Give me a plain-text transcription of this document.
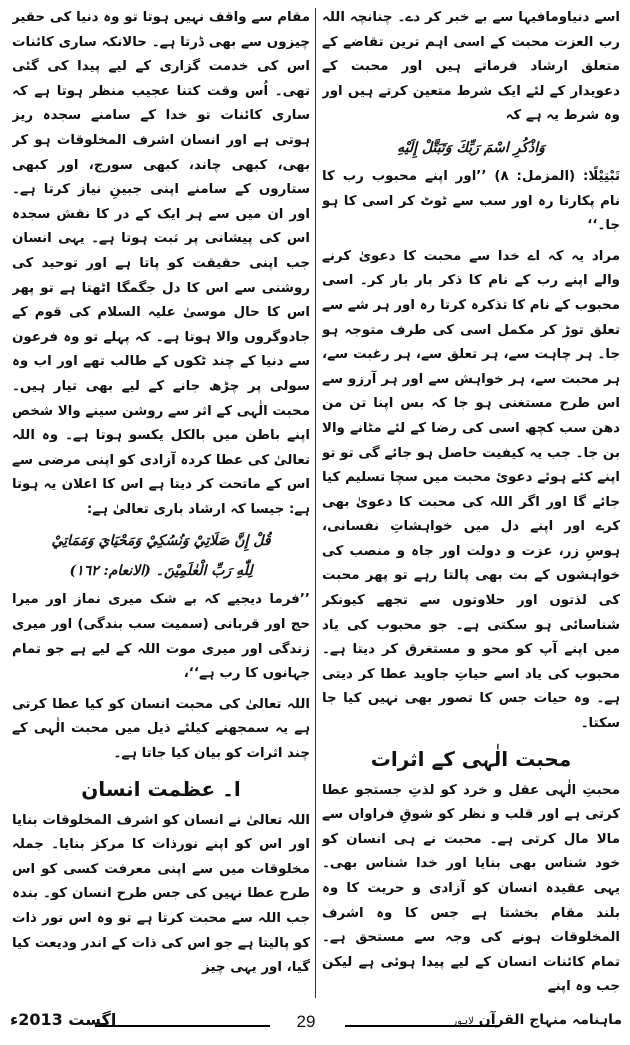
اسے دنیاومافیہا سے بے خبر کر دے۔ چنانچہ اللہ رب العزت محبت کے اسی اہم ترین تقاضے کے متعلق ارشاد فرماتے ہیں اور محبت کے دعویدار کے لئے ایک شرط متعین کرتے ہیں اور وہ شرط یہ ہے کہ

وَاذْكُرِ اسْمَ رَبِّكَ وَتَبَتَّلْ إِلَيْهِ

تَبْتِيْلًا: (المزمل: ۸) ’’اور اپنے محبوب رب کا نام پکارتا رہ اور سب سے ٹوٹ کر اسی کا ہو جا۔‘‘

مراد یہ کہ اے خدا سے محبت کا دعویٰ کرنے والے اپنے رب کے نام کا ذکر بار بار کر۔ اسی محبوب کے نام کا تذکرہ کرتا رہ اور ہر شے سے تعلق توڑ کر مکمل اسی کی طرف متوجہ ہو جا۔ ہر چاہت سے، ہر تعلق سے، ہر رغبت سے، ہر محبت سے، ہر خواہش سے اور ہر آرزو سے اس طرح مستغنی ہو جا کہ بس اپنا تن من دھن سب کچھ اسی کی رضا کے لئے مٹانے والا بن جا۔ جب یہ کیفیت حاصل ہو جائے گی تو تو اپنے کئے ہوئے دعوئ محبت میں سچا تسلیم کیا جائے گا اور اگر اللہ کی محبت کا دعویٰ بھی کرے اور اپنے دل میں خواہشاتِ نفسانی، ہوسِ زر، عزت و دولت اور جاہ و منصب کی خواہشوں کے بت بھی پالتا رہے تو پھر محبت کی لذتوں اور حلاوتوں سے تجھے کیونکر شناسائی ہو سکتی ہے۔ جو محبوب کی یاد میں اپنے آپ کو محو و مستغرق کر دیتا ہے۔ محبوب کی یاد اسے حیاتِ جاوید عطا کر دیتی ہے۔ وہ حیات جس کا تصور بھی نہیں کیا جا سکتا۔

محبت الٰہی کے اثرات

محبتِ الٰہی عقل و خرد کو لذتِ جستجو عطا کرتی ہے اور قلب و نظر کو شوقِ فراواں سے مالا مال کرتی ہے۔ محبت نے ہی انسان کو خود شناس بھی بنایا اور خدا شناس بھی۔ یہی عقیدہ انسان کو آزادی و حریت کا وہ بلند مقام بخشتا ہے جس کا وہ اشرف المخلوقات ہونے کی وجہ سے مستحق ہے۔ تمام کائنات انسان کے لیے پیدا ہوئی ہے لیکن جب وہ اپنے

مقام سے واقف نہیں ہوتا تو وہ دنیا کی حقیر چیزوں سے بھی ڈرتا ہے۔ حالانکہ ساری کائنات اس کی خدمت گزاری کے لیے پیدا کی گئی تھی۔ اُس وقت کتنا عجیب منظر ہوتا ہے کہ ساری کائنات تو خدا کے سامنے سجدہ ریز ہوتی ہے اور انسان اشرف المخلوقات ہو کر بھی، کبھی چاند، کبھی سورج، اور کبھی ستاروں کے سامنے اپنی جبینِ نیاز کرتا ہے۔ اور ان میں سے ہر ایک کے در کا نقش سجدہ اس کی پیشانی پر ثبت ہوتا ہے۔ یہی انسان جب اپنی حقیقت کو پاتا ہے اور توحید کی روشنی سے اس کا دل جگمگا اٹھتا ہے تو پھر اس کا حال موسیٰ علیہ السلام کی قوم کے جادوگروں والا ہوتا ہے۔ کہ پہلے تو وہ فرعون سے دنیا کے چند ٹکوں کے طالب تھے اور اب وہ سولی پر چڑھ جانے کے لیے بھی تیار ہیں۔ محبت الٰہی کے اثر سے روشن سینے والا شخص اپنے باطن میں بالکل یکسو ہوتا ہے۔ وہ اللہ تعالیٰ کی عطا کردہ آزادی کو اپنی مرضی سے اس کے ماتحت کر دیتا ہے اس کا اعلان یہ ہوتا ہے: جیسا کہ ارشاد باری تعالیٰ ہے:

قُلْ إِنَّ صَلَاتِيْ وَنُسُكِيْ وَمَحْيَايَ وَمَمَاتِيْ

لِلّٰهِ رَبِّ الْعٰلَمِيْنَ۔ (الانعام: ١٦٢)

’’فرما دیجیے کہ بے شک میری نماز اور میرا حج اور قربانی (سمیت سب بندگی) اور میری زندگی اور میری موت اللہ کے لیے ہے جو تمام جہانوں کا رب ہے‘‘،

اللہ تعالیٰ کی محبت انسان کو کیا عطا کرتی ہے یہ سمجھنے کیلئے ذیل میں محبت الٰہی کے چند اثرات کو بیان کیا جاتا ہے۔

ا۔ عظمت انسان

اللہ تعالیٰ نے انسان کو اشرف المخلوقات بنایا اور اس کو اپنے نورذات کا مرکز بنایا۔ جملہ مخلوقات میں سے اپنی معرفت کسی کو اس طرح عطا نہیں کی جس طرح انسان کو۔ بندہ جب اللہ سے محبت کرتا ہے تو وہ اس نور ذات کو پالیتا ہے جو اس کی ذات کے اندر ودیعت کیا گیا، اور یہی چیز

ماہنامہ منہاج القرآن لاہور
29
اگست 2013ء
